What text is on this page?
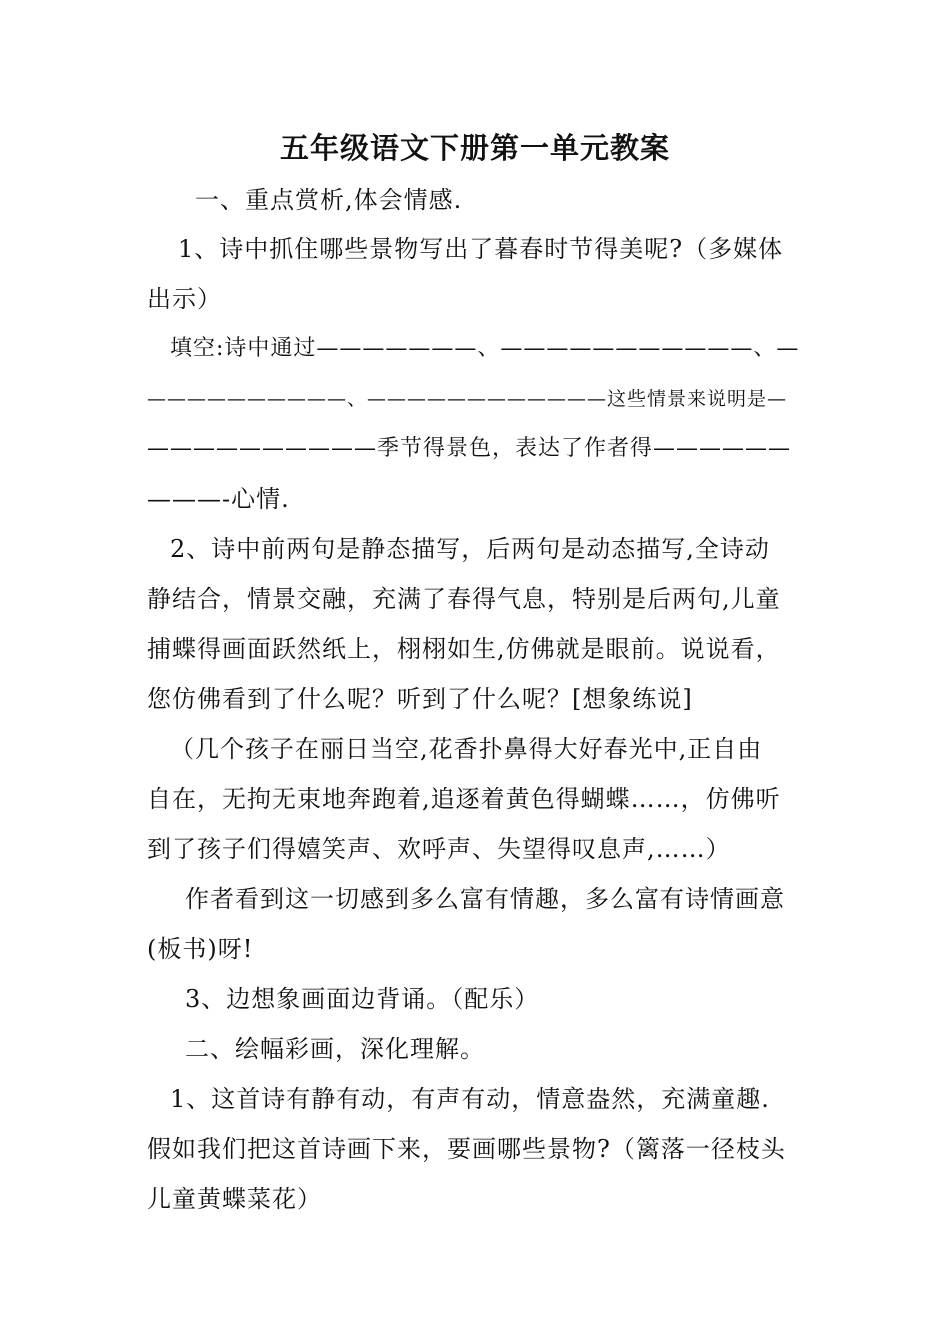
五年级语文下册第一单元教案
一、重点赏析,体会情感.
1、诗中抓住哪些景物写出了暮春时节得美呢?（多媒体
出示）
填空:诗中通过———————、———————————、—
——————————、————————————这些情景来说明是—
——————————季节得景色，表达了作者得——————
———-心情.
2、诗中前两句是静态描写，后两句是动态描写,全诗动
静结合，情景交融，充满了春得气息，特别是后两句,儿童
捕蝶得画面跃然纸上，栩栩如生,仿佛就是眼前。说说看，
您仿佛看到了什么呢？听到了什么呢？[想象练说]
（几个孩子在丽日当空,花香扑鼻得大好春光中,正自由
自在，无拘无束地奔跑着,追逐着黄色得蝴蝶……，仿佛听
到了孩子们得嬉笑声、欢呼声、失望得叹息声,……）
作者看到这一切感到多么富有情趣，多么富有诗情画意
(板书)呀!
3、边想象画面边背诵。（配乐）
二、绘幅彩画，深化理解。
1、这首诗有静有动，有声有动，情意盎然，充满童趣.
假如我们把这首诗画下来，要画哪些景物?（篱落一径枝头
儿童黄蝶菜花）
